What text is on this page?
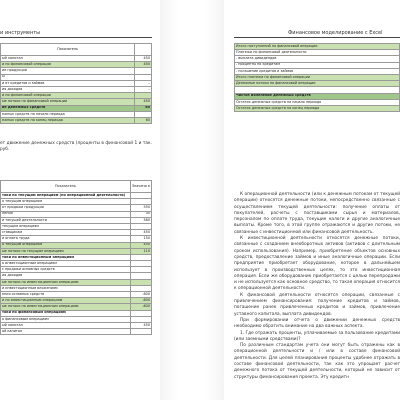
и инструменты
Показатель	
ый капитал	450
и по финансовой операции	450
ие продукции	
ы	
и от кредитов и займов	–
ия доходов	–
и по финансовой операции	
ые потоки по финансовой операции	450
ие денежных средств	60
ежных средств на начало периода	
ежных средств на конец периода	60
ет движение денежных средств (проценты в финансовой 1 и так. руб.
Показатель	Значени е
токи по текущим операциям (по операционной деятельности)	
о текущим операциям	
от продажи продукции	550
ления	30
и текущей деятельности	580
текущим операциям	
ставщикам	450
и оплата труда	150
о текущим операциям	450
ые потоки по текущим операциям	110
токи по инвестиционным операциям	
о инвестиционным операциям	
с продажи основных средств	
ия доходов	
ые потоки по инвестиционным операциям	
и инвестиционным вложениям	
ения основных средств	-600
и по инвестиционным операциям	-600
ые потоки по инвестиционным операциям	-600
токи по финансовым операциям	
о финансовым операциям	
ый капитал	450
ой капитал	
Финансовое моделирование с Excel
Итого поступлений по финансовой операции
Платежи по финансовой деятельности
- выплата дивидендов
- проценты по кредитам
- погашение кредитов и займов
Итого платежи по финансовой операции
Денежные потоки по финансовой операции

Чистое изменение денежных средств
Остаток денежных средств на начало периода
Остаток денежных средств на конец периода

К операционной деятельности (или к денежным потокам от текущей операции) относятся денежные потоки, непосредственно связанные с осуществлением текущей деятельности: получение оплаты от покупателей, расчеты с поставщиками сырья и материалов, персоналом по оплате труда, текущие налоги и другие аналогичные выплаты. Кроме того, в этой группе отражаются и другие потоки, не связанные с инвестиционной или финансовой деятельность.

К инвестиционной деятельности относятся денежные потоки, связанные с созданием внеоборотных активов (активов с длительным сроком использования). Например, приобретение объектов основных средств, предоставление займов и иные аналогичные операции. Если предприятие приобретает оборудование, которое в дальнейшем использует в производственных целях, то это инвестиционная операция. Если же оборудование приобретается с целью перепродажи и не используется как основное средство, то такая операция относится к операционной деятельности.

К финансовой деятельности относятся операции, связанные с привлечением финансирования: получение кредитов и займов, погашение ранее привлеченных кредитов и займов, привлечение уставного капитала, выплата дивидендов.

При формировании отчета о движении денежных средств необходимо обратить внимание на два важных аспекта.

1. Где отражать проценты, уплачиваемые за пользование кредитами (или заемными средствами)?

По различным стандартам учета они могут быть отражены как в операционной деятельности и / или в составе финансовой деятельности. Для целей планирования проценты удобнее отражать в составе финансовой деятельности, так как это упрощает расчет денежного потока от текущей деятельности, который не зависит от структуры финансирования проекта. Эту кредитн
